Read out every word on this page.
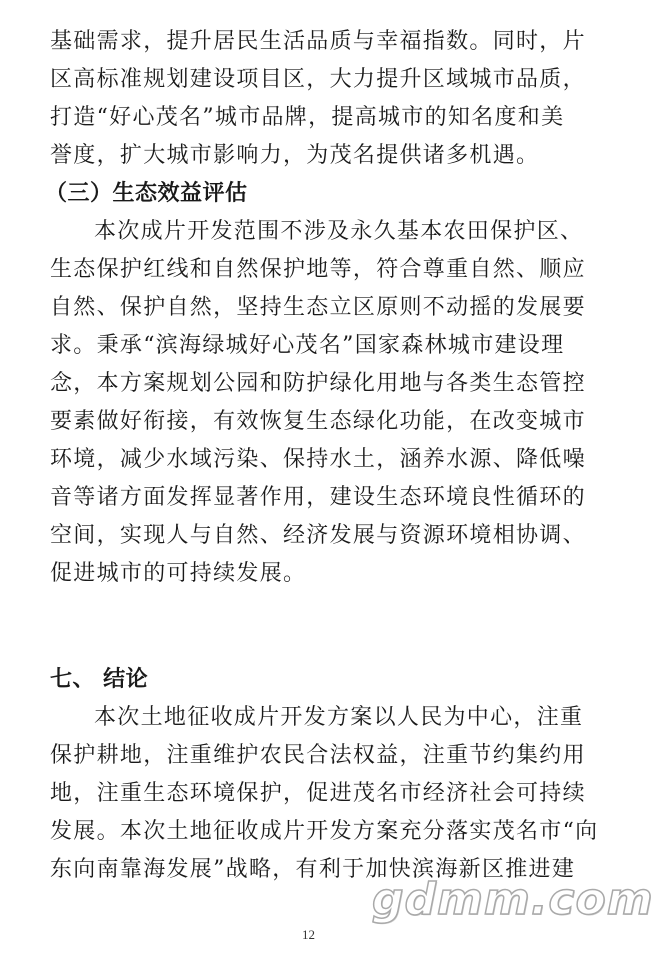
基础需求，提升居民生活品质与幸福指数。同时，片
区高标准规划建设项目区，大力提升区域城市品质，
打造“好心茂名”城市品牌，提高城市的知名度和美
誉度，扩大城市影响力，为茂名提供诸多机遇。
（三）生态效益评估
本次成片开发范围不涉及永久基本农田保护区、
生态保护红线和自然保护地等，符合尊重自然、顺应
自然、保护自然，坚持生态立区原则不动摇的发展要
求。秉承“滨海绿城好心茂名”国家森林城市建设理
念，本方案规划公园和防护绿化用地与各类生态管控
要素做好衔接，有效恢复生态绿化功能，在改变城市
环境，减少水域污染、保持水土，涵养水源、降低噪
音等诸方面发挥显著作用，建设生态环境良性循环的
空间，实现人与自然、经济发展与资源环境相协调、
促进城市的可持续发展。
七、 结论
本次土地征收成片开发方案以人民为中心，注重
保护耕地，注重维护农民合法权益，注重节约集约用
地，注重生态环境保护，促进茂名市经济社会可持续
发展。本次土地征收成片开发方案充分落实茂名市“向
东向南靠海发展”战略，有利于加快滨海新区推进建
gdmm.com
12
